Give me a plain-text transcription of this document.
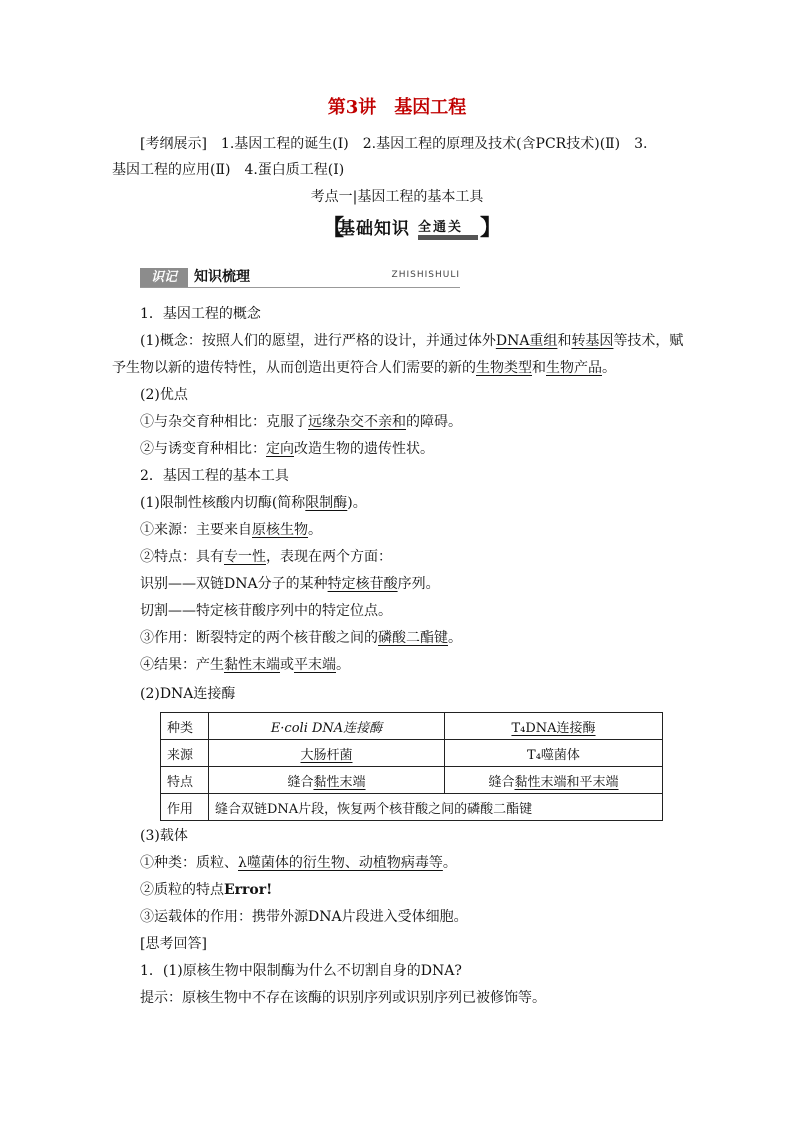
第3讲　基因工程
[考纲展示]　1.基因工程的诞生(Ⅰ)　2.基因工程的原理及技术(含PCR技术)(Ⅱ)　3.
基因工程的应用(Ⅱ)　4.蛋白质工程(Ⅰ)
考点一|基因工程的基本工具
【
基础知识 全通关 】
识记	知识梳理	ZHISHISHULI
1．基因工程的概念
(1)概念：按照人们的愿望，进行严格的设计，并通过体外DNA重组和转基因等技术，赋
予生物以新的遗传特性，从而创造出更符合人们需要的新的生物类型和生物产品。
(2)优点
①与杂交育种相比：克服了远缘杂交不亲和的障碍。
②与诱变育种相比：定向改造生物的遗传性状。
2．基因工程的基本工具
(1)限制性核酸内切酶(简称限制酶)。
①来源：主要来自原核生物。
②特点：具有专一性，表现在两个方面：
识别——双链DNA分子的某种特定核苷酸序列。
切割——特定核苷酸序列中的特定位点。
③作用：断裂特定的两个核苷酸之间的磷酸二酯键。
④结果：产生黏性末端或平末端。
(2)DNA连接酶
种类	E·coli DNA连接酶	T₄DNA连接酶
来源	大肠杆菌	T₄噬菌体
特点	缝合黏性末端	缝合黏性末端和平末端
作用	缝合双链DNA片段，恢复两个核苷酸之间的磷酸二酯键	
(3)载体
①种类：质粒、λ噬菌体的衍生物、动植物病毒等。
②质粒的特点Error!
③运载体的作用：携带外源DNA片段进入受体细胞。
[思考回答]
1．(1)原核生物中限制酶为什么不切割自身的DNA?
提示：原核生物中不存在该酶的识别序列或识别序列已被修饰等。
